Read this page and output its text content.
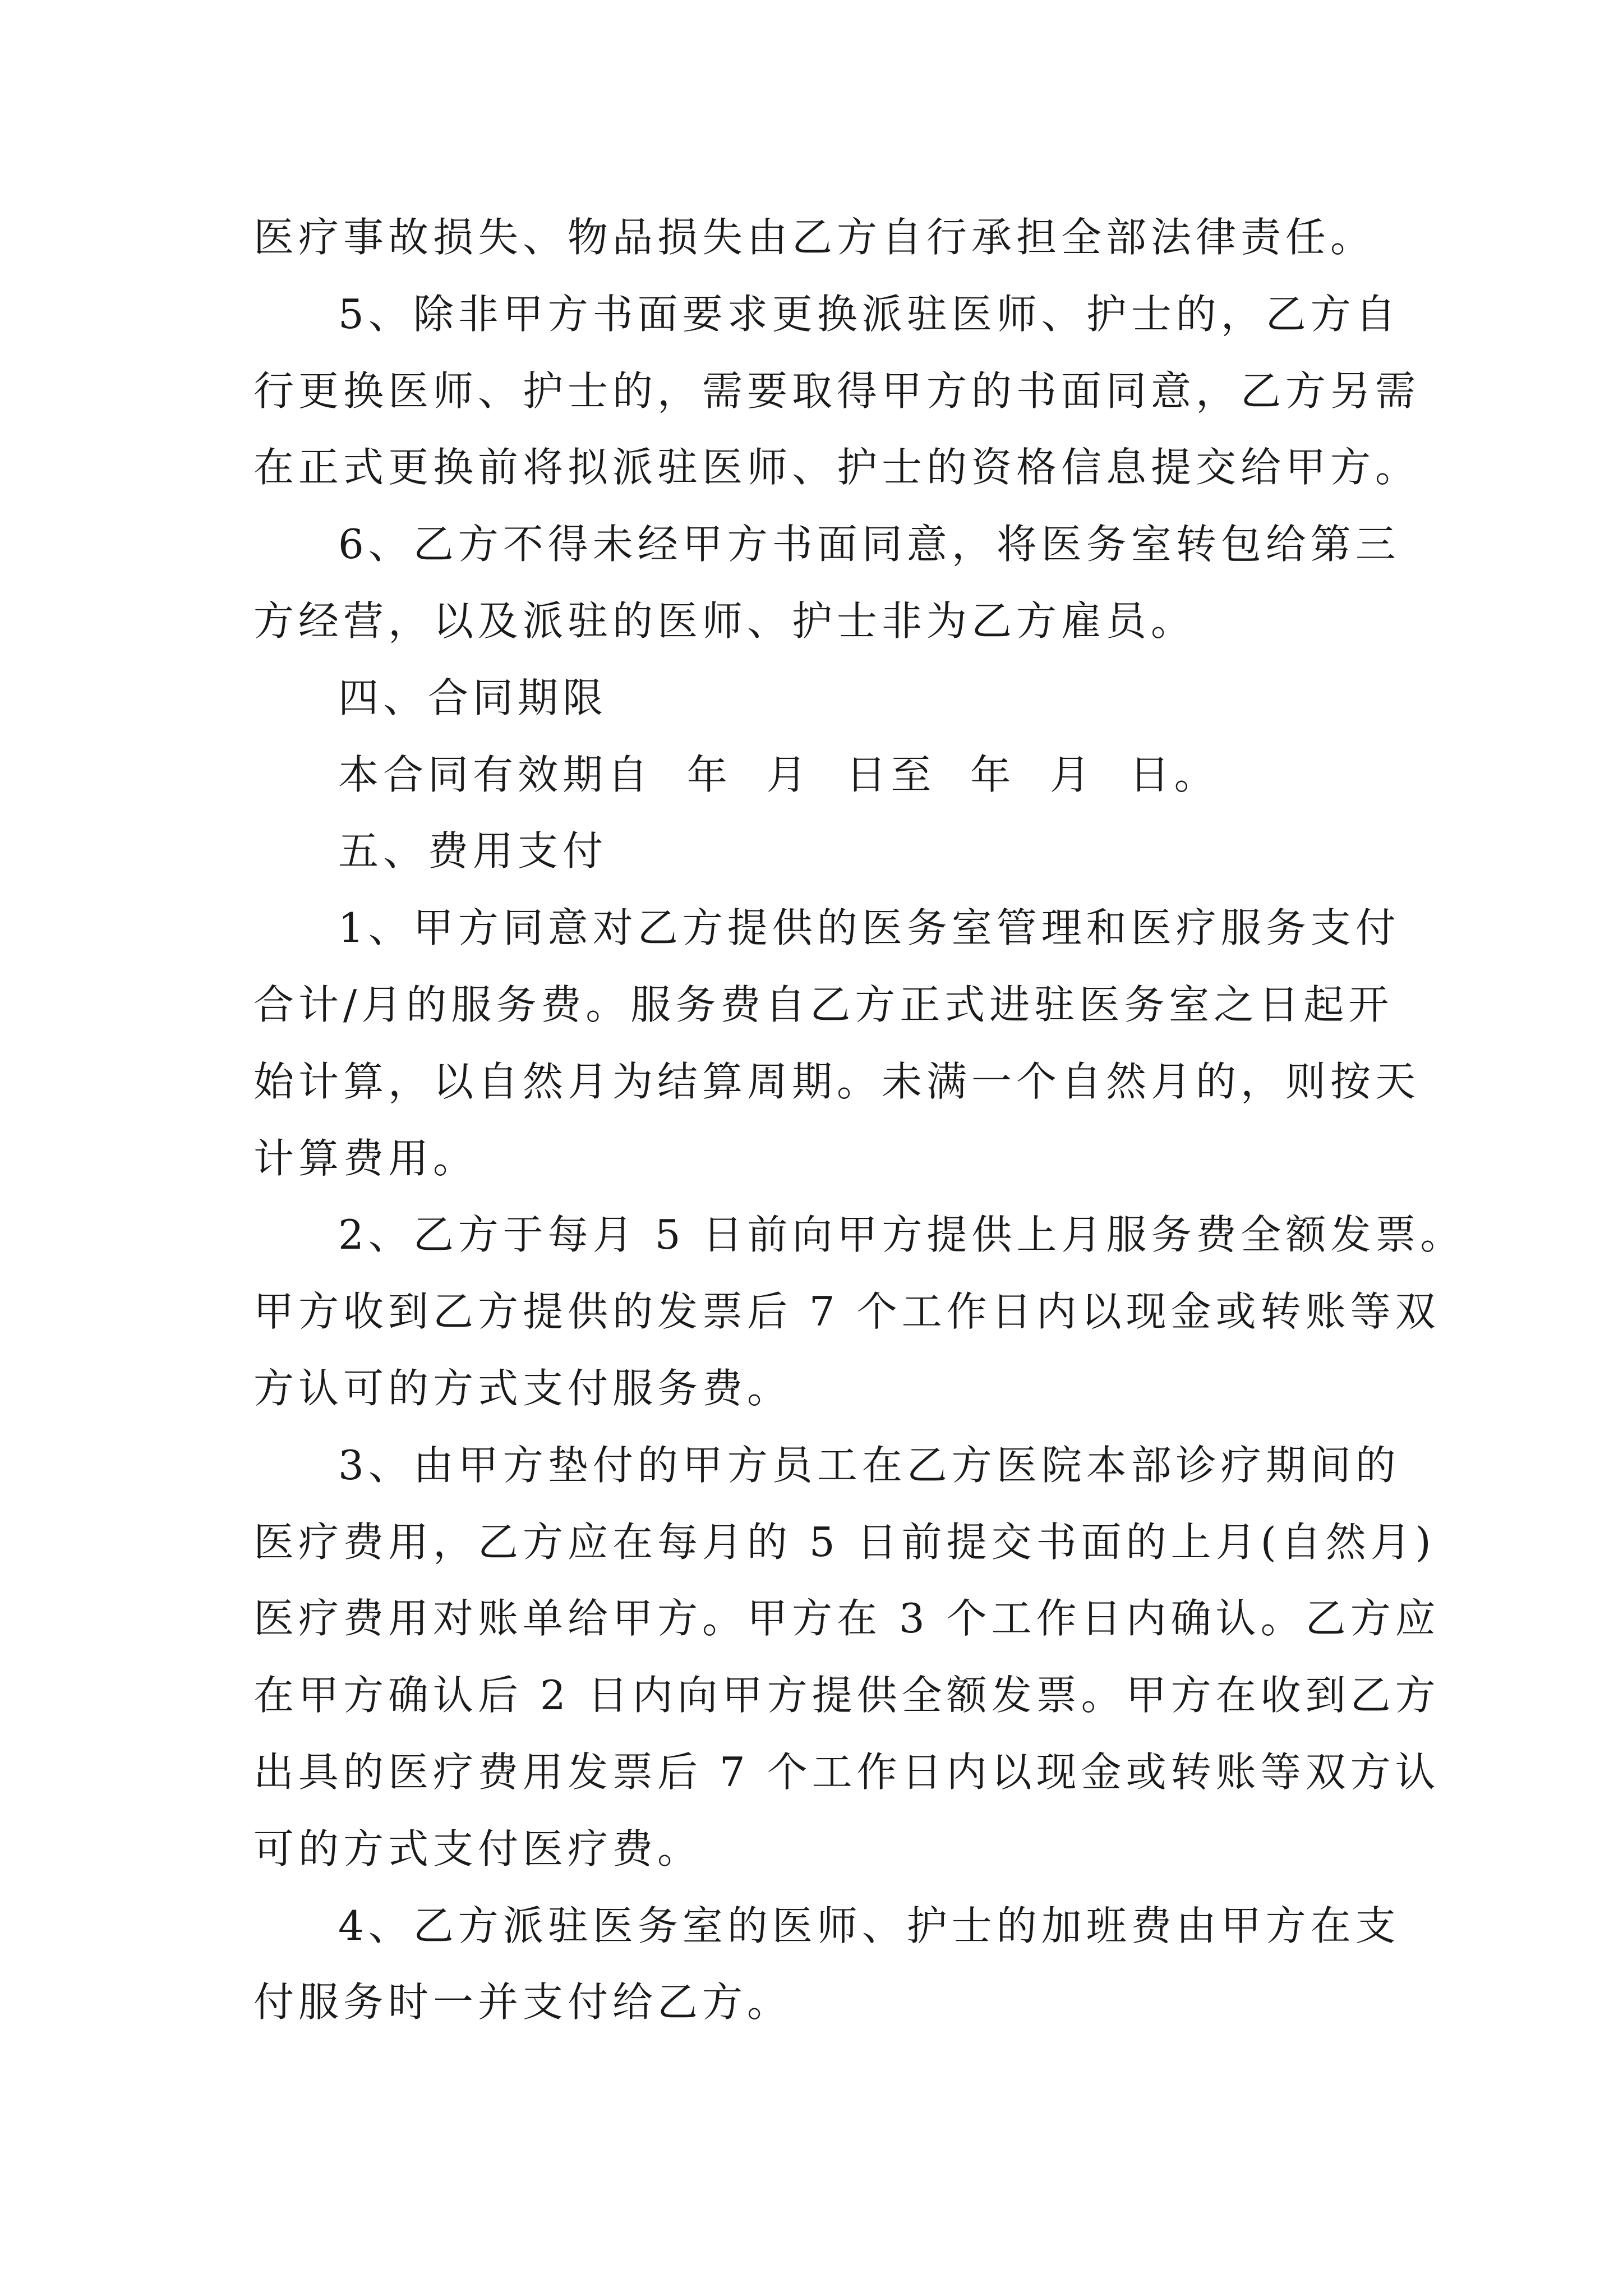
医疗事故损失、物品损失由乙方自行承担全部法律责任。
5、除非甲方书面要求更换派驻医师、护士的，乙方自
行更换医师、护士的，需要取得甲方的书面同意，乙方另需
在正式更换前将拟派驻医师、护士的资格信息提交给甲方。
6、乙方不得未经甲方书面同意，将医务室转包给第三
方经营，以及派驻的医师、护士非为乙方雇员。
四、合同期限
本合同有效期自  年  月  日至  年  月  日。
五、费用支付
1、甲方同意对乙方提供的医务室管理和医疗服务支付
合计/月的服务费。服务费自乙方正式进驻医务室之日起开
始计算，以自然月为结算周期。未满一个自然月的，则按天
计算费用。
2、乙方于每月 5 日前向甲方提供上月服务费全额发票。
甲方收到乙方提供的发票后 7 个工作日内以现金或转账等双
方认可的方式支付服务费。
3、由甲方垫付的甲方员工在乙方医院本部诊疗期间的
医疗费用，乙方应在每月的 5 日前提交书面的上月(自然月)
医疗费用对账单给甲方。甲方在 3 个工作日内确认。乙方应
在甲方确认后 2 日内向甲方提供全额发票。甲方在收到乙方
出具的医疗费用发票后 7 个工作日内以现金或转账等双方认
可的方式支付医疗费。
4、乙方派驻医务室的医师、护士的加班费由甲方在支
付服务时一并支付给乙方。
